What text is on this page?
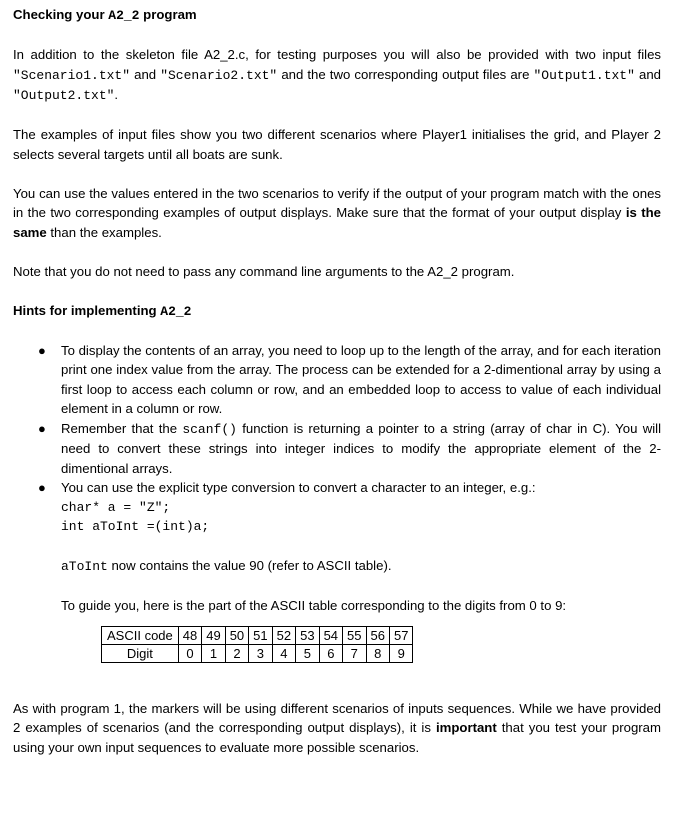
Checking your A2_2 program

In addition to the skeleton file A2_2.c, for testing purposes you will also be provided with two input files "Scenario1.txt" and "Scenario2.txt" and the two corresponding output files are "Output1.txt" and "Output2.txt".

The examples of input files show you two different scenarios where Player1 initialises the grid, and Player 2 selects several targets until all boats are sunk.

You can use the values entered in the two scenarios to verify if the output of your program match with the ones in the two corresponding examples of output displays. Make sure that the format of your output display is the same than the examples.

Note that you do not need to pass any command line arguments to the A2_2 program.

Hints for implementing A2_2
● To display the contents of an array, you need to loop up to the length of the array, and for each iteration print one index value from the array. The process can be extended for a 2-dimentional array by using a first loop to access each column or row, and an embedded loop to access to value of each individual element in a column or row.
● Remember that the scanf() function is returning a pointer to a string (array of char in C). You will need to convert these strings into integer indices to modify the appropriate element of the 2-dimentional arrays.
● You can use the explicit type conversion to convert a character to an integer, e.g.:
char* a = "Z";
int aToInt =(int)a;
aToInt now contains the value 90 (refer to ASCII table).
To guide you, here is the part of the ASCII table corresponding to the digits from 0 to 9:
ASCII code	48	49	50	51	52	53	54	55	56	57
Digit	0	1	2	3	4	5	6	7	8	9

As with program 1, the markers will be using different scenarios of inputs sequences. While we have provided 2 examples of scenarios (and the corresponding output displays), it is important that you test your program using your own input sequences to evaluate more possible scenarios.
